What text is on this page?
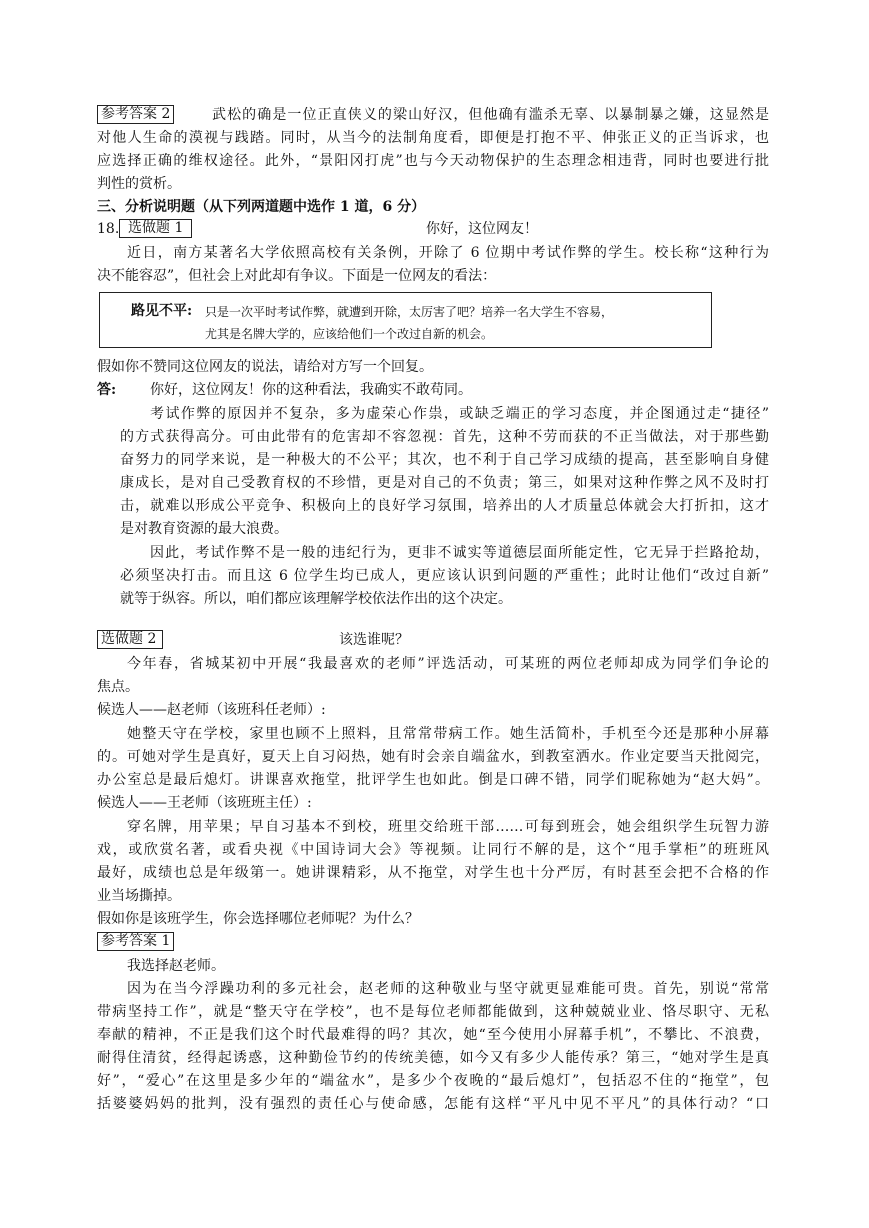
参考答案 2	武松的确是一位正直侠义的梁山好汉，但他确有滥杀无辜、以暴制暴之嫌，这显然是
对他人生命的漠视与践踏。同时，从当今的法制角度看，即便是打抱不平、伸张正义的正当诉求，也
应选择正确的维权途径。此外，“景阳冈打虎”也与今天动物保护的生态理念相违背，同时也要进行批
判性的赏析。
三、分析说明题（从下列两道题中选作 1 道，6 分）
18. 选做题 1	你好，这位网友！
近日，南方某著名大学依照高校有关条例，开除了 6 位期中考试作弊的学生。校长称“这种行为
决不能容忍”，但社会上对此却有争议。下面是一位网友的看法：
路见不平: 只是一次平时考试作弊，就遭到开除，太厉害了吧？培养一名大学生不容易，
尤其是名牌大学的，应该给他们一个改过自新的机会。
假如你不赞同这位网友的说法，请给对方写一个回复。
答: 你好，这位网友！你的这种看法，我确实不敢苟同。
考试作弊的原因并不复杂，多为虚荣心作祟，或缺乏端正的学习态度，并企图通过走“捷径”
的方式获得高分。可由此带有的危害却不容忽视：首先，这种不劳而获的不正当做法，对于那些勤
奋努力的同学来说，是一种极大的不公平；其次，也不利于自己学习成绩的提高，甚至影响自身健
康成长，是对自己受教育权的不珍惜，更是对自己的不负责；第三，如果对这种作弊之风不及时打
击，就难以形成公平竞争、积极向上的良好学习氛围，培养出的人才质量总体就会大打折扣，这才
是对教育资源的最大浪费。
因此，考试作弊不是一般的违纪行为，更非不诚实等道德层面所能定性，它无异于拦路抢劫，
必须坚决打击。而且这 6 位学生均已成人，更应该认识到问题的严重性；此时让他们“改过自新”
就等于纵容。所以，咱们都应该理解学校依法作出的这个决定。
选做题 2	该选谁呢？
今年春，省城某初中开展“我最喜欢的老师”评选活动，可某班的两位老师却成为同学们争论的
焦点。
候选人——赵老师（该班科任老师）:
她整天守在学校，家里也顾不上照料，且常常带病工作。她生活简朴，手机至今还是那种小屏幕
的。可她对学生是真好，夏天上自习闷热，她有时会亲自端盆水，到教室洒水。作业定要当天批阅完，
办公室总是最后熄灯。讲课喜欢拖堂，批评学生也如此。倒是口碑不错，同学们昵称她为“赵大妈”。
候选人——王老师（该班班主任）:
穿名牌，用苹果；早自习基本不到校，班里交给班干部……可每到班会，她会组织学生玩智力游
戏，或欣赏名著，或看央视《中国诗词大会》等视频。让同行不解的是，这个“甩手掌柜”的班班风
最好，成绩也总是年级第一。她讲课精彩，从不拖堂，对学生也十分严厉，有时甚至会把不合格的作
业当场撕掉。
假如你是该班学生，你会选择哪位老师呢？为什么？
参考答案 1
我选择赵老师。
因为在当今浮躁功利的多元社会，赵老师的这种敬业与坚守就更显难能可贵。首先，别说“常常
带病坚持工作”，就是“整天守在学校”，也不是每位老师都能做到，这种兢兢业业、恪尽职守、无私
奉献的精神，不正是我们这个时代最难得的吗？其次，她“至今使用小屏幕手机”，不攀比、不浪费，
耐得住清贫，经得起诱惑，这种勤俭节约的传统美德，如今又有多少人能传承？第三，“她对学生是真
好”，“爱心”在这里是多少年的“端盆水”，是多少个夜晚的“最后熄灯”，包括忍不住的“拖堂”，包
括婆婆妈妈的批判，没有强烈的责任心与使命感，怎能有这样“平凡中见不平凡”的具体行动？“口
